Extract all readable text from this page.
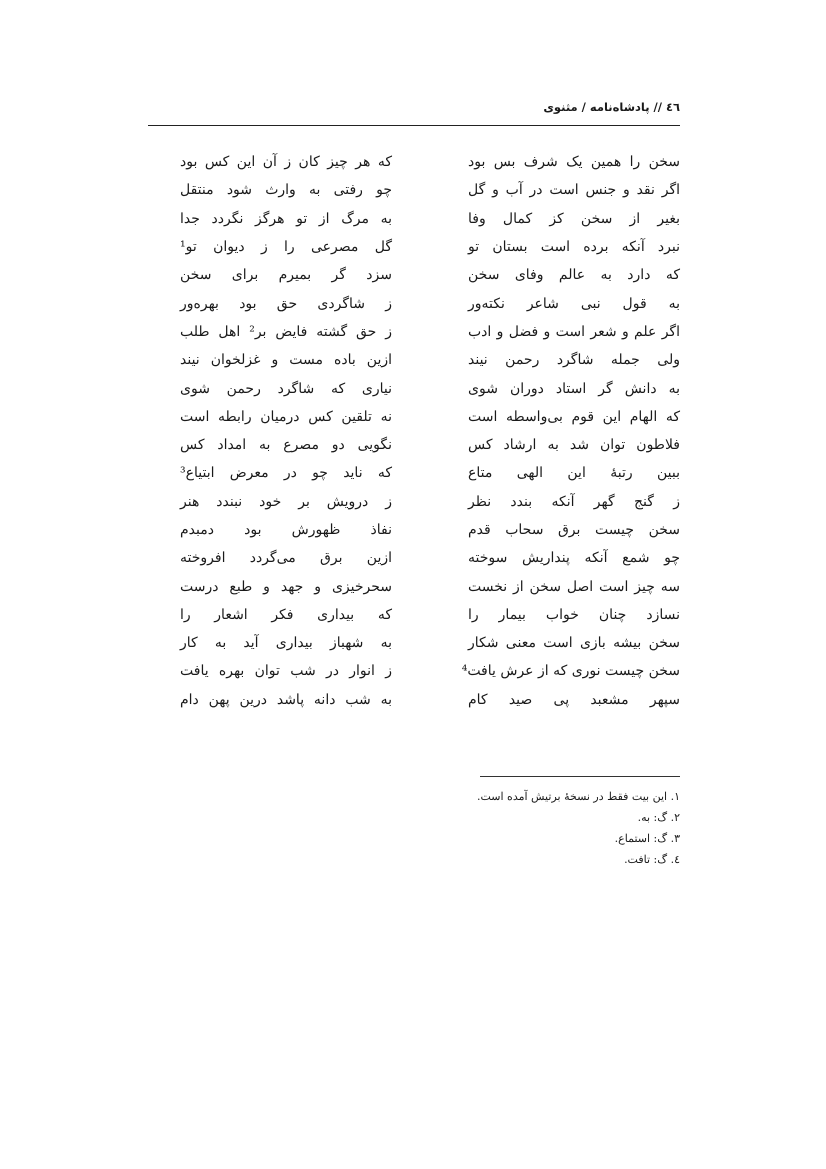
٤٦ // پادشاه‌نامه / مثنوی
سخن را همین یک شرف بس بود
که هر چیز کان ز آن این کس بود
اگر نقد و جنس است در آب و گل
چو رفتی به وارث شود منتقل
بغیر از سخن کز کمال وفا
به مرگ از تو هرگز نگردد جدا
نبرد آنکه برده است بستان تو
گل مصرعی را ز دیوان تو¹
که دارد به عالم وفای سخن
سزد گر بمیرم برای سخن
به قول نبی شاعر نکته‌ور
ز شاگردی حق بود بهره‌ور
اگر علم و شعر است و فضل و ادب
ز حق گشته فایض بر² اهل طلب
ولی جمله شاگرد رحمن نیند
ازین باده مست و غزلخوان نیند
به دانش گر استاد دوران شوی
نیاری که شاگرد رحمن شوی
که الهام این قوم بی‌واسطه است
نه تلقین کس درمیان رابطه است
فلاطون توان شد به ارشاد کس
نگویی دو مصرع به امداد کس
ببین رتبهٔ این الهی متاع
که ناید چو در معرض ابتیاع³
ز گنج گهر آنکه بندد نظر
ز درویش بر خود نبندد هنر
سخن چیست برق سحاب قدم
نفاذ ظهورش بود دمبدم
چو شمع آنکه پنداریش سوخته
ازین برق می‌گردد افروخته
سه چیز است اصل سخن از نخست
سحرخیزی و جهد و طبع درست
نسازد چنان خواب بیمار را
که بیداری فکر اشعار را
سخن بیشه بازی است معنی شکار
به شهباز بیداری آید به کار
سخن چیست نوری که از عرش یافت⁴
ز انوار در شب توان بهره یافت
سپهر مشعبد پی صید کام
به شب دانه پاشد درین پهن دام
١. این بیت فقط در نسخهٔ برتیش آمده است.
٢. گ: به.
٣. گ: استماع.
٤. گ: تافت.
